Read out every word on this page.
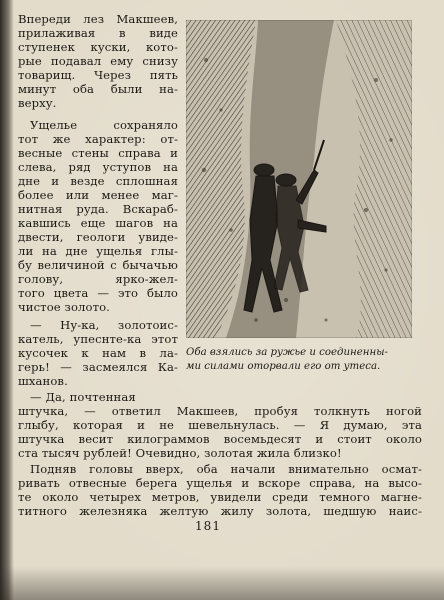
Впереди лез Макшеев,

прилаживая в виде

ступенек куски, кото-

рые подавал ему снизу

товарищ. Через пять

минут оба были на-

верху.

Ущелье сохраняло

тот же характер: от-

весные стены справа и

слева, ряд уступов на

дне и везде сплошная

более или менее маг-

нитная руда. Вскараб-

кавшись еще шагов на

двести, геологи увиде-

ли на дне ущелья глы-

бу величиной с бычачью

голову, ярко-жел-

того цвета — это было

чистое золото.

— Ну-ка, золотоис-

катель, упеснте-ка этот

кусочек к нам в ла-

герь! — засмеялся Ка-

шханов.

Оба взялись за ружье и соединенны-
ми силами оторвали его от утеса.

— Да, почтенная

штучка, — ответил Макшеев, пробуя толкнуть ногой

глыбу, которая и не шевельнулась. — Я думаю, эта

штучка весит килограммов восемьдесят и стоит около

ста тысяч рублей! Очевидно, золотая жила близко!

Подняв головы вверх, оба начали внимательно осмат-

ривать отвесные берега ущелья и вскоре справа, на высо-

те около четырех метров, увидели среди темного магне-

титного железняка желтую жилу золота, шедшую наис-

181
